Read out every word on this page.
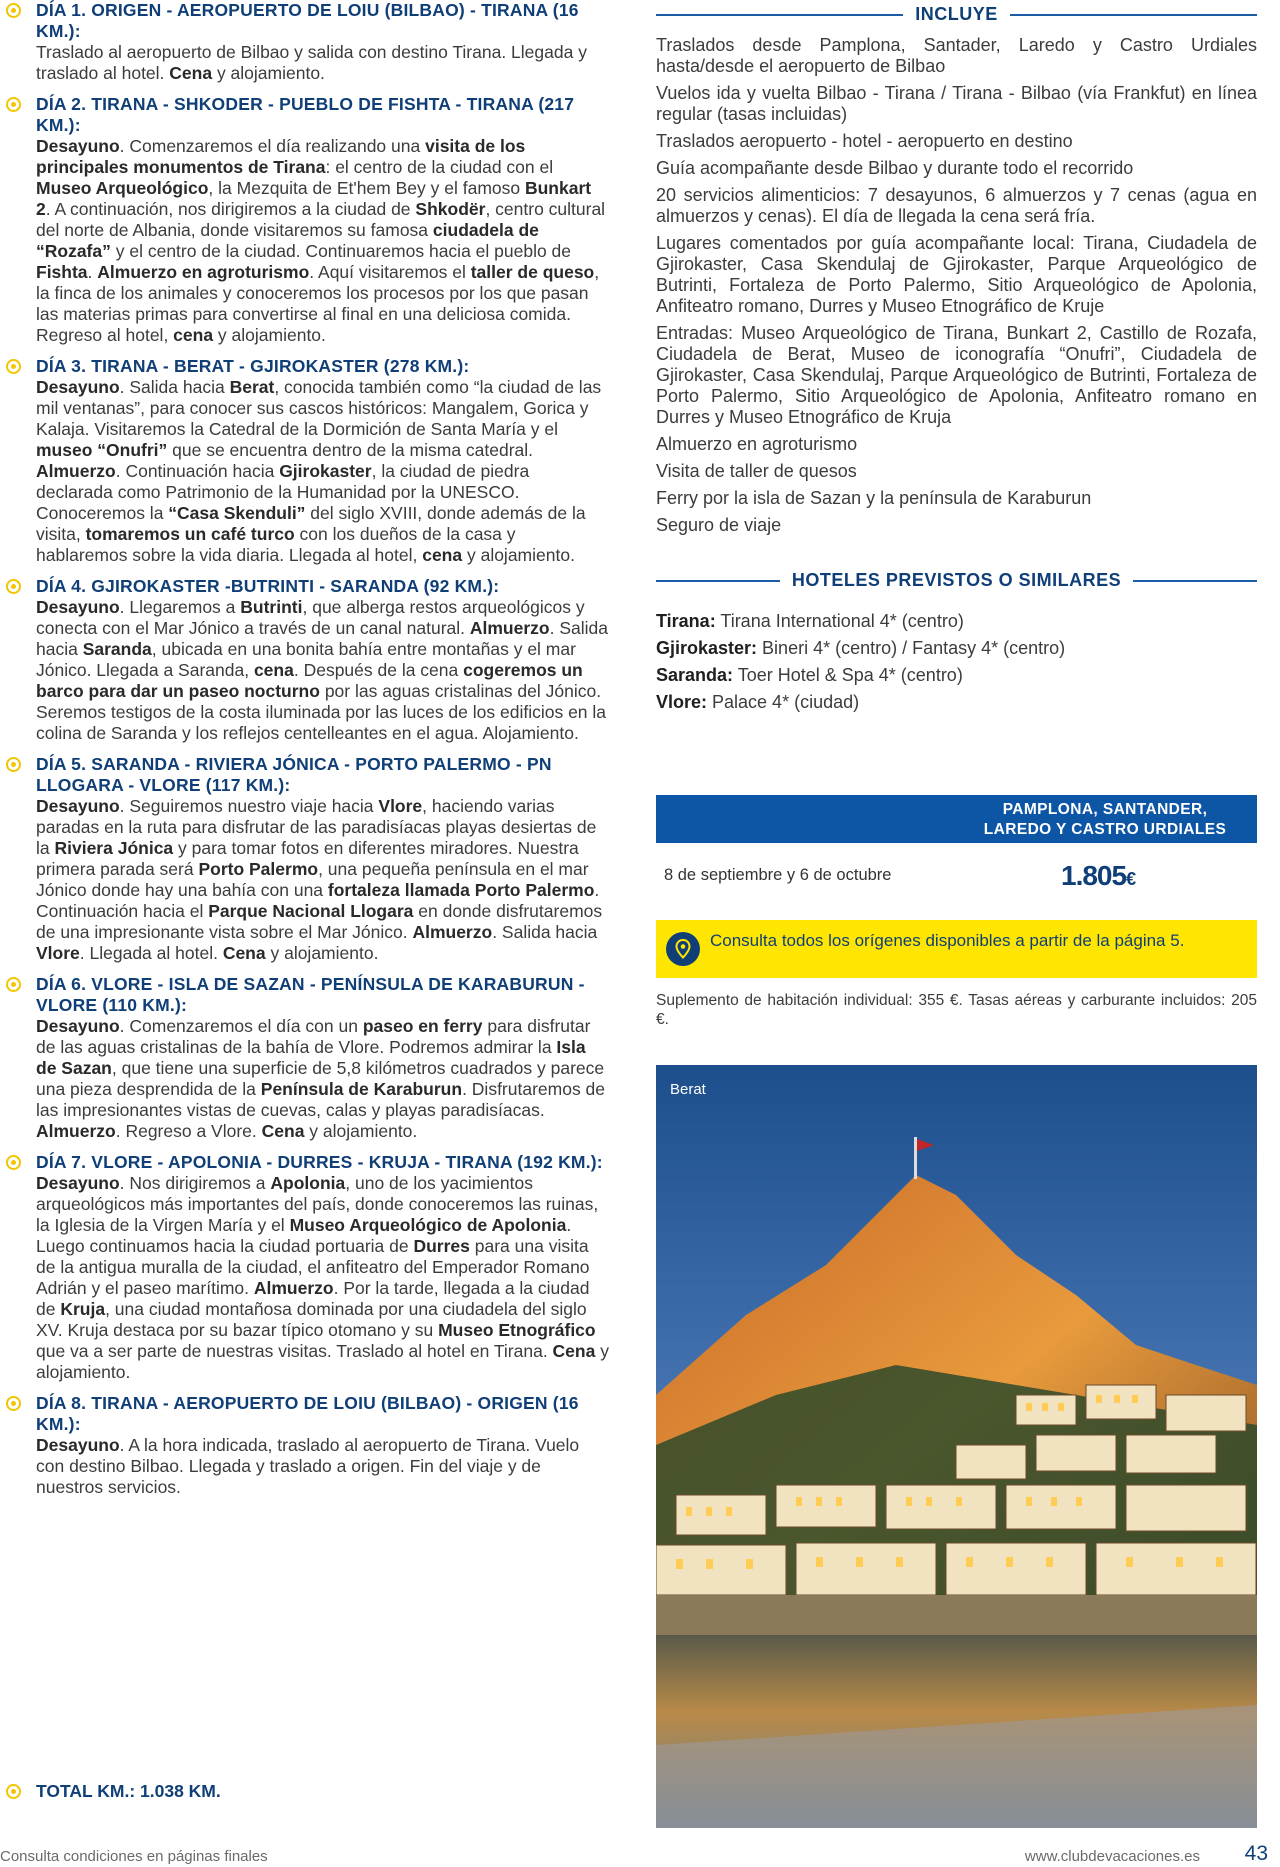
DÍA 1. ORIGEN - AEROPUERTO DE LOIU (BILBAO) - TIRANA (16 KM.):
Traslado al aeropuerto de Bilbao y salida con destino Tirana. Llegada y traslado al hotel. Cena y alojamiento.
DÍA 2. TIRANA - SHKODER - PUEBLO DE FISHTA - TIRANA (217 KM.):
Desayuno. Comenzaremos el día realizando una visita de los principales monumentos de Tirana: el centro de la ciudad con el Museo Arqueológico, la Mezquita de Et'hem Bey y el famoso Bunkart 2. A continuación, nos dirigiremos a la ciudad de Shkodër, centro cultural del norte de Albania, donde visitaremos su famosa ciudadela de “Rozafa” y el centro de la ciudad. Continuaremos hacia el pueblo de Fishta. Almuerzo en agroturismo. Aquí visitaremos el taller de queso, la finca de los animales y conoceremos los procesos por los que pasan las materias primas para convertirse al final en una deliciosa comida. Regreso al hotel, cena y alojamiento.
DÍA 3. TIRANA - BERAT - GJIROKASTER (278 KM.):
Desayuno. Salida hacia Berat, conocida también como “la ciudad de las mil ventanas”, para conocer sus cascos históricos: Mangalem, Gorica y Kalaja. Visitaremos la Catedral de la Dormición de Santa María y el museo “Onufri” que se encuentra dentro de la misma catedral. Almuerzo. Continuación hacia Gjirokaster, la ciudad de piedra declarada como Patrimonio de la Humanidad por la UNESCO. Conoceremos la “Casa Skenduli” del siglo XVIII, donde además de la visita, tomaremos un café turco con los dueños de la casa y hablaremos sobre la vida diaria. Llegada al hotel, cena y alojamiento.
DÍA 4. GJIROKASTER -BUTRINTI - SARANDA (92 KM.):
Desayuno. Llegaremos a Butrinti, que alberga restos arqueológicos y conecta con el Mar Jónico a través de un canal natural. Almuerzo. Salida hacia Saranda, ubicada en una bonita bahía entre montañas y el mar Jónico. Llegada a Saranda, cena. Después de la cena cogeremos un barco para dar un paseo nocturno por las aguas cristalinas del Jónico. Seremos testigos de la costa iluminada por las luces de los edificios en la colina de Saranda y los reflejos centelleantes en el agua. Alojamiento.
DÍA 5. SARANDA - RIVIERA JÓNICA - PORTO PALERMO - PN LLOGARA - VLORE (117 KM.):
Desayuno. Seguiremos nuestro viaje hacia Vlore, haciendo varias paradas en la ruta para disfrutar de las paradisíacas playas desiertas de la Riviera Jónica y para tomar fotos en diferentes miradores. Nuestra primera parada será Porto Palermo, una pequeña península en el mar Jónico donde hay una bahía con una fortaleza llamada Porto Palermo. Continuación hacia el Parque Nacional Llogara en donde disfrutaremos de una impresionante vista sobre el Mar Jónico. Almuerzo. Salida hacia Vlore. Llegada al hotel. Cena y alojamiento.
DÍA 6. VLORE - ISLA DE SAZAN - PENÍNSULA DE KARABURUN - VLORE (110 KM.):
Desayuno. Comenzaremos el día con un paseo en ferry para disfrutar de las aguas cristalinas de la bahía de Vlore. Podremos admirar la Isla de Sazan, que tiene una superficie de 5,8 kilómetros cuadrados y parece una pieza desprendida de la Península de Karaburun. Disfrutaremos de las impresionantes vistas de cuevas, calas y playas paradisíacas. Almuerzo. Regreso a Vlore. Cena y alojamiento.
DÍA 7. VLORE - APOLONIA - DURRES - KRUJA - TIRANA (192 KM.):
Desayuno. Nos dirigiremos a Apolonia, uno de los yacimientos arqueológicos más importantes del país, donde conoceremos las ruinas, la Iglesia de la Virgen María y el Museo Arqueológico de Apolonia. Luego continuamos hacia la ciudad portuaria de Durres para una visita de la antigua muralla de la ciudad, el anfiteatro del Emperador Romano Adrián y el paseo marítimo. Almuerzo. Por la tarde, llegada a la ciudad de Kruja, una ciudad montañosa dominada por una ciudadela del siglo XV. Kruja destaca por su bazar típico otomano y su Museo Etnográfico que va a ser parte de nuestras visitas. Traslado al hotel en Tirana. Cena y alojamiento.
DÍA 8. TIRANA - AEROPUERTO DE LOIU (BILBAO) - ORIGEN (16 KM.):
Desayuno. A la hora indicada, traslado al aeropuerto de Tirana. Vuelo con destino Bilbao. Llegada y traslado a origen. Fin del viaje y de nuestros servicios.
TOTAL KM.: 1.038 KM.
INCLUYE
Traslados desde Pamplona, Santader, Laredo y Castro Urdiales hasta/desde el aeropuerto de Bilbao
Vuelos ida y vuelta Bilbao - Tirana / Tirana - Bilbao (vía Frankfut) en línea regular (tasas incluidas)
Traslados aeropuerto - hotel - aeropuerto en destino
Guía acompañante desde Bilbao y durante todo el recorrido
20 servicios alimenticios: 7 desayunos, 6 almuerzos y 7 cenas (agua en almuerzos y cenas). El día de llegada la cena será fría.
Lugares comentados por guía acompañante local: Tirana, Ciudadela de Gjirokaster, Casa Skendulaj de Gjirokaster, Parque Arqueológico de Butrinti, Fortaleza de Porto Palermo, Sitio Arqueológico de Apolonia, Anfiteatro romano, Durres y Museo Etnográfico de Kruje
Entradas: Museo Arqueológico de Tirana, Bunkart 2, Castillo de Rozafa, Ciudadela de Berat, Museo de iconografía “Onufri”, Ciudadela de Gjirokaster, Casa Skendulaj, Parque Arqueológico de Butrinti, Fortaleza de Porto Palermo, Sitio Arqueológico de Apolonia, Anfiteatro romano en Durres y Museo Etnográfico de Kruja
Almuerzo en agroturismo
Visita de taller de quesos
Ferry por la isla de Sazan y la península de Karaburun
Seguro de viaje
HOTELES PREVISTOS O SIMILARES
Tirana: Tirana International 4* (centro)
Gjirokaster: Bineri 4* (centro) / Fantasy 4* (centro)
Saranda: Toer Hotel & Spa 4* (centro)
Vlore: Palace 4* (ciudad)
PAMPLONA, SANTANDER,
LAREDO Y CASTRO URDIALES
8 de septiembre y 6 de octubre	1.805€
Consulta todos los orígenes disponibles a partir de la página 5.
Suplemento de habitación individual: 355 €. Tasas aéreas y carburante incluidos: 205 €.
Berat
Consulta condiciones en páginas finales	www.clubdevacaciones.es 43
